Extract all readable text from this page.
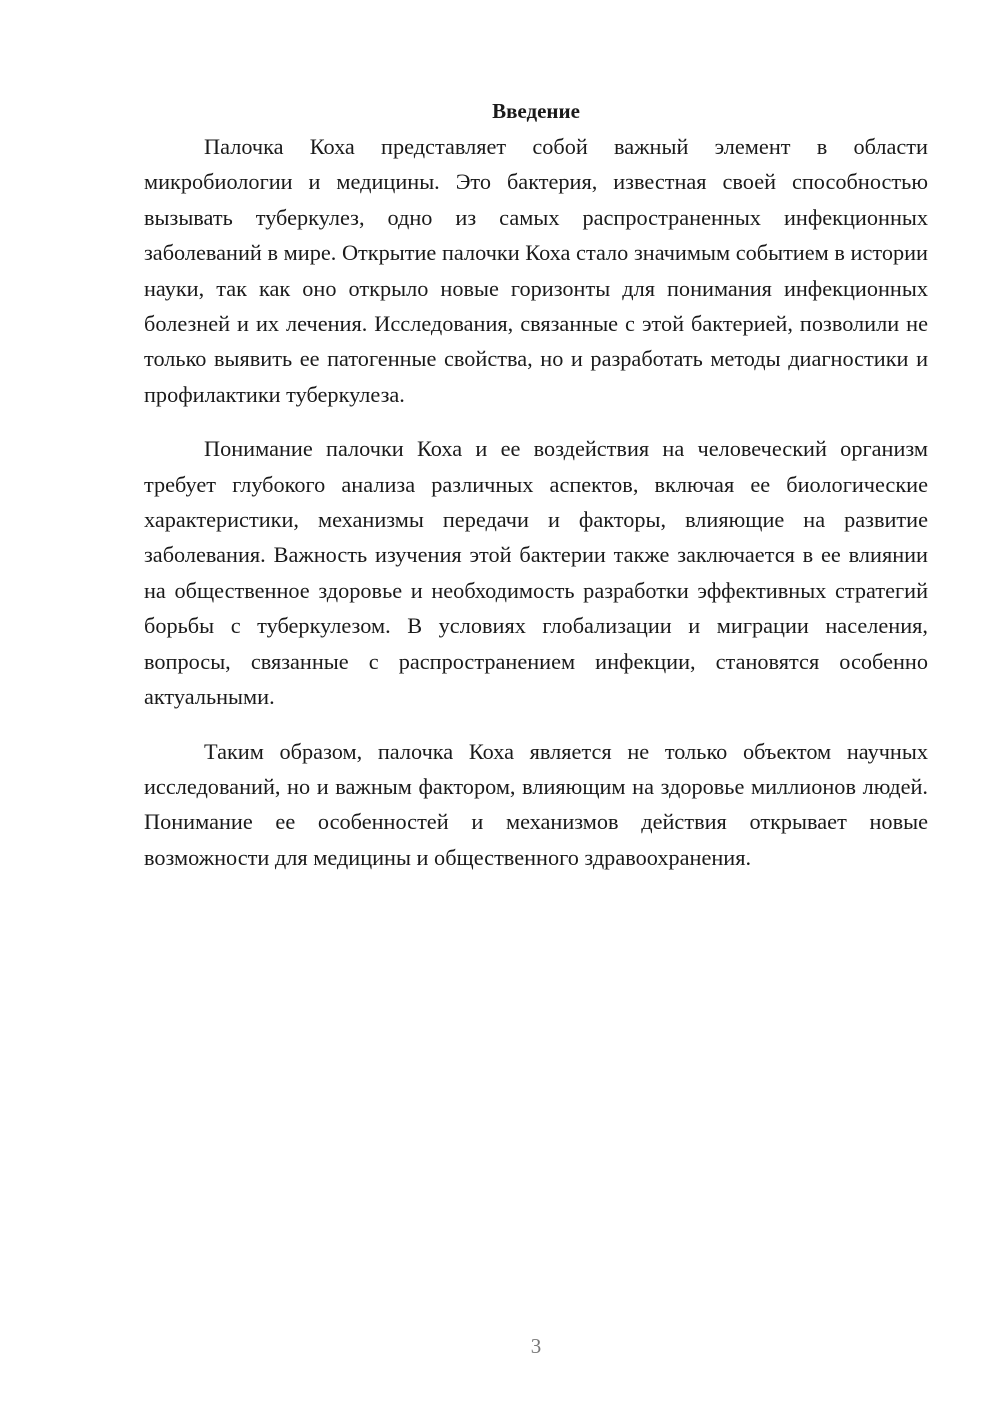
Введение

Палочка Коха представляет собой важный элемент в области микробиологии и медицины. Это бактерия, известная своей способностью вызывать туберкулез, одно из самых распространенных инфекционных заболеваний в мире. Открытие палочки Коха стало значимым событием в истории науки, так как оно открыло новые горизонты для понимания инфекционных болезней и их лечения. Исследования, связанные с этой бактерией, позволили не только выявить ее патогенные свойства, но и разработать методы диагностики и профилактики туберкулеза.

Понимание палочки Коха и ее воздействия на человеческий организм требует глубокого анализа различных аспектов, включая ее биологические характеристики, механизмы передачи и факторы, влияющие на развитие заболевания. Важность изучения этой бактерии также заключается в ее влиянии на общественное здоровье и необходимость разработки эффективных стратегий борьбы с туберкулезом. В условиях глобализации и миграции населения, вопросы, связанные с распространением инфекции, становятся особенно актуальными.

Таким образом, палочка Коха является не только объектом научных исследований, но и важным фактором, влияющим на здоровье миллионов людей. Понимание ее особенностей и механизмов действия открывает новые возможности для медицины и общественного здравоохранения.

3
